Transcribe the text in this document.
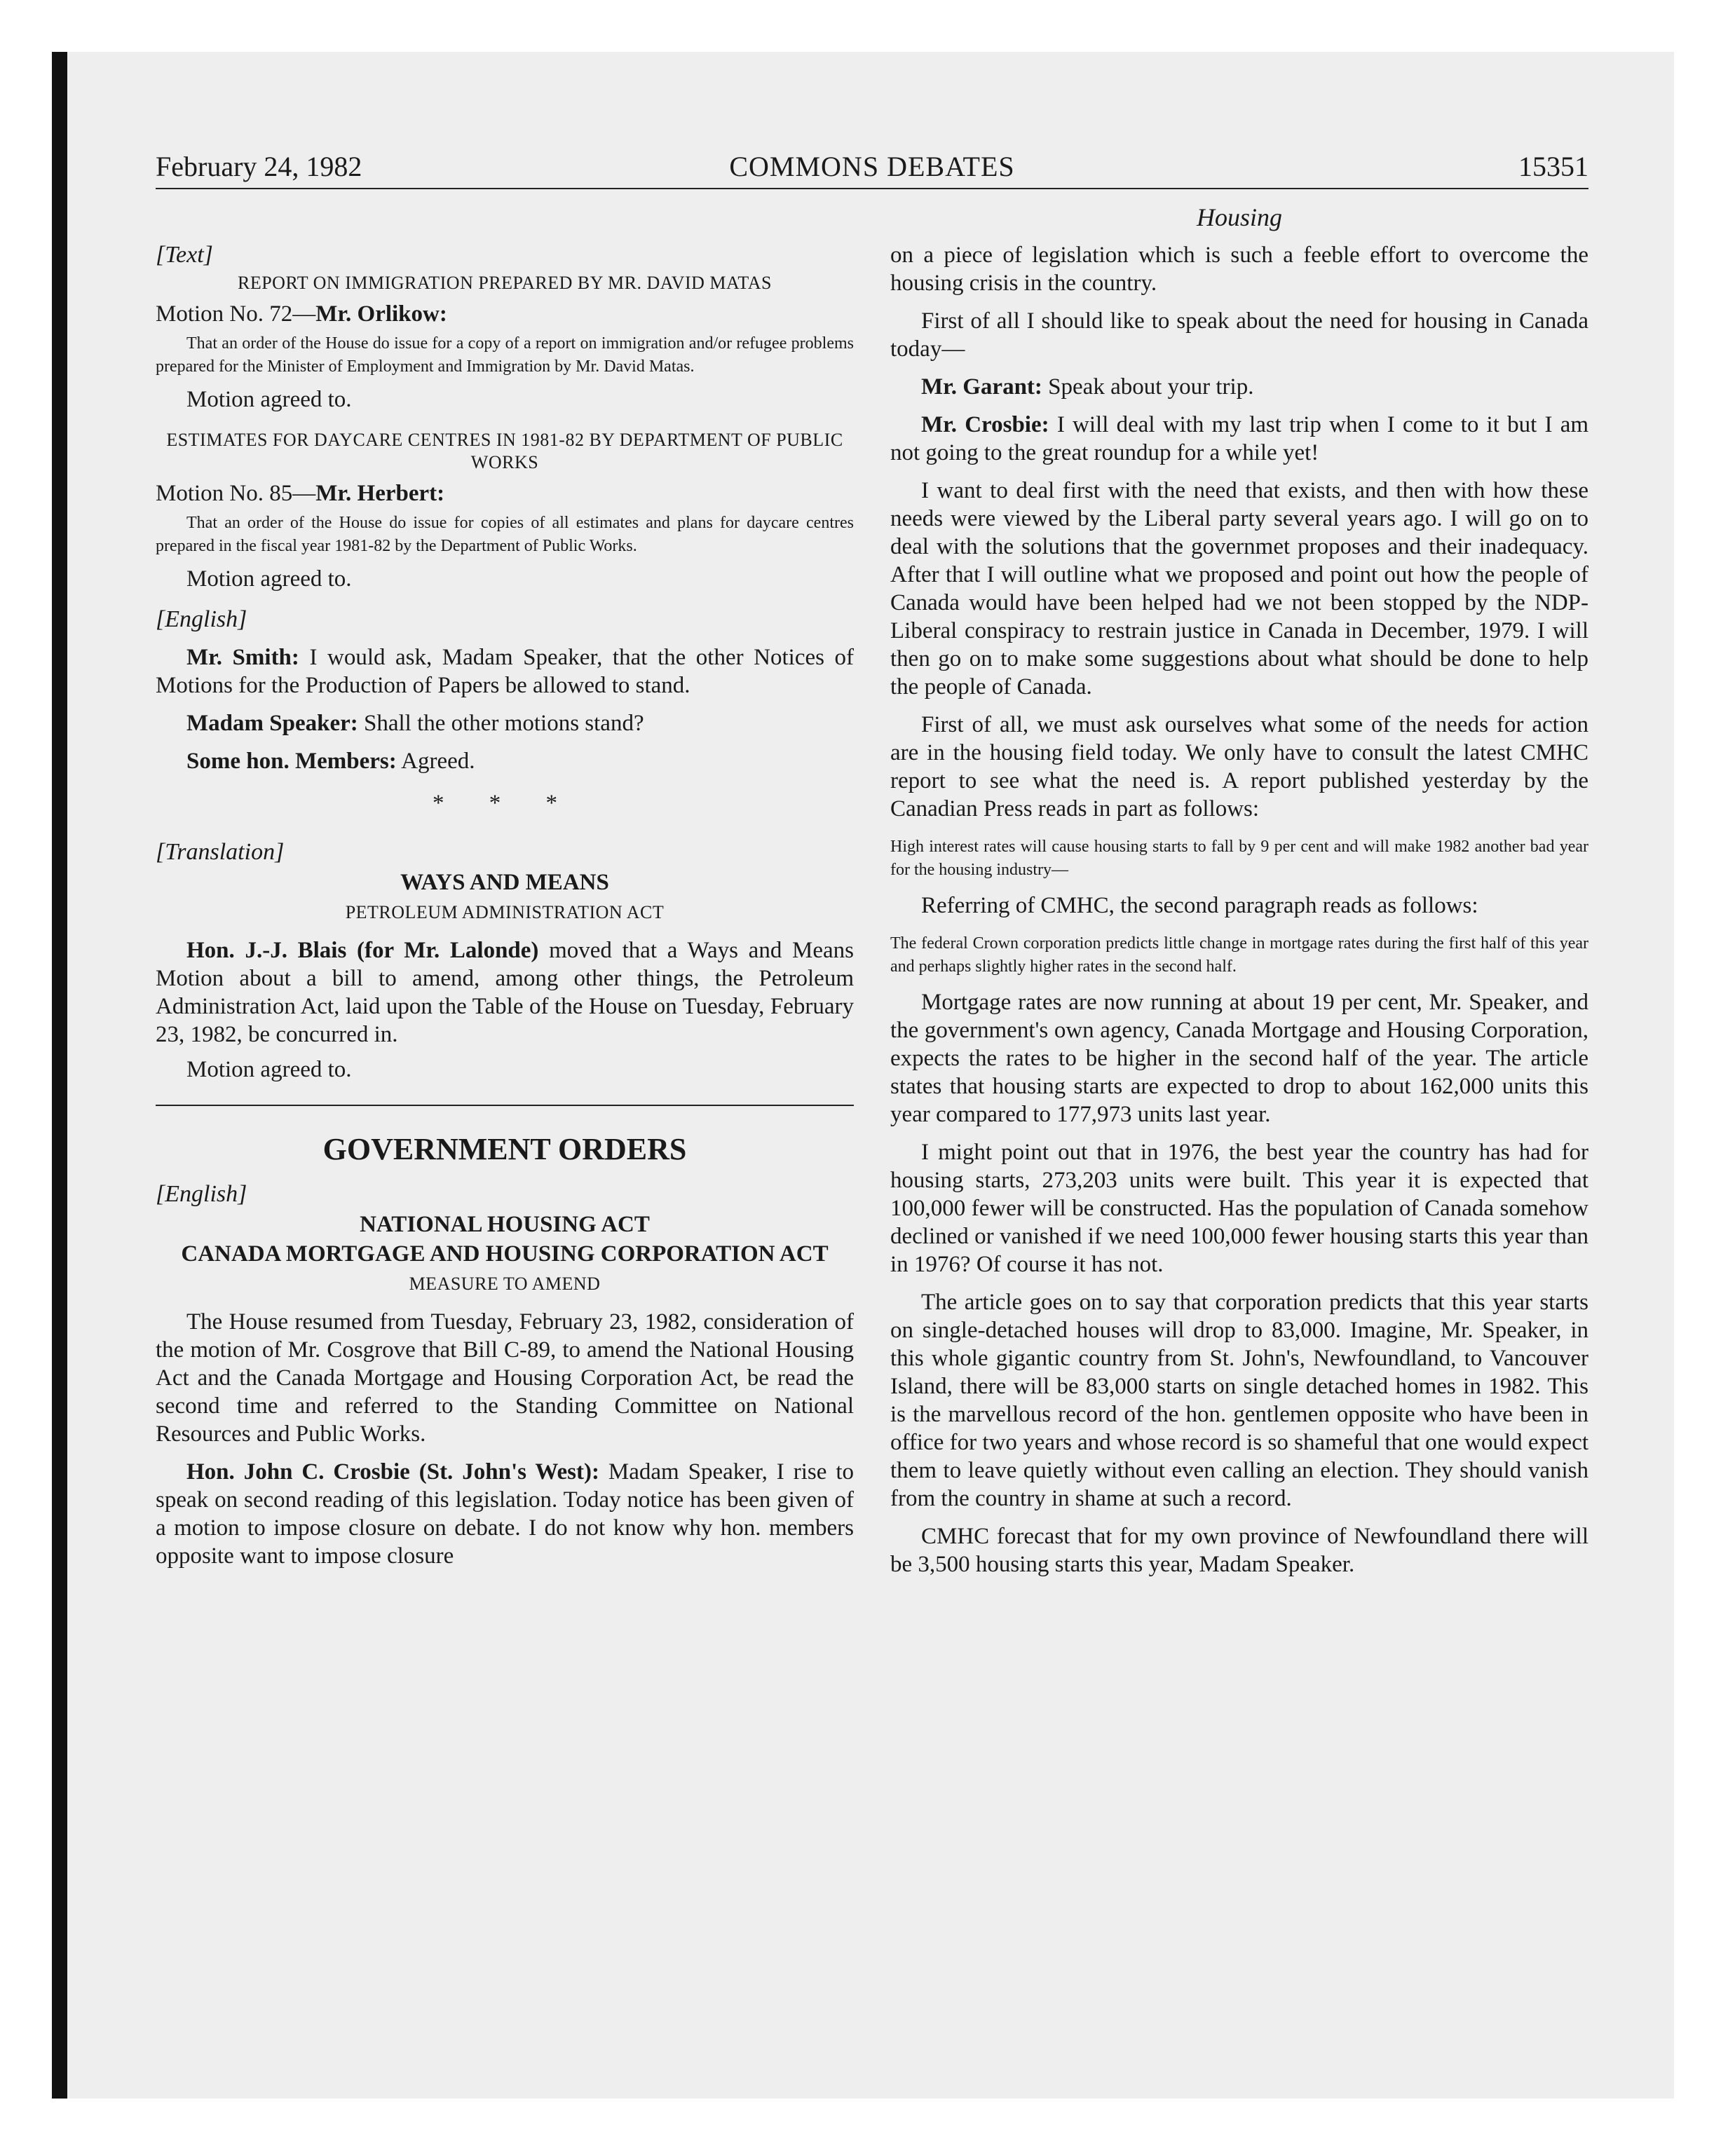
February 24, 1982	COMMONS DEBATES	15351
Housing

[Text]

REPORT ON IMMIGRATION PREPARED BY MR. DAVID MATAS

Motion No. 72—Mr. Orlikow:

That an order of the House do issue for a copy of a report on immigration and/or refugee problems prepared for the Minister of Employment and Immigration by Mr. David Matas.

Motion agreed to.

ESTIMATES FOR DAYCARE CENTRES IN 1981-82 BY DEPARTMENT OF PUBLIC WORKS

Motion No. 85—Mr. Herbert:

That an order of the House do issue for copies of all estimates and plans for daycare centres prepared in the fiscal year 1981-82 by the Department of Public Works.

Motion agreed to.

[English]

Mr. Smith: I would ask, Madam Speaker, that the other Notices of Motions for the Production of Papers be allowed to stand.

Madam Speaker: Shall the other motions stand?

Some hon. Members: Agreed.

* * *

[Translation]

WAYS AND MEANS

PETROLEUM ADMINISTRATION ACT

Hon. J.-J. Blais (for Mr. Lalonde) moved that a Ways and Means Motion about a bill to amend, among other things, the Petroleum Administration Act, laid upon the Table of the House on Tuesday, February 23, 1982, be concurred in.

Motion agreed to.

GOVERNMENT ORDERS

[English]

NATIONAL HOUSING ACT

CANADA MORTGAGE AND HOUSING CORPORATION ACT

MEASURE TO AMEND

The House resumed from Tuesday, February 23, 1982, consideration of the motion of Mr. Cosgrove that Bill C-89, to amend the National Housing Act and the Canada Mortgage and Housing Corporation Act, be read the second time and referred to the Standing Committee on National Resources and Public Works.

Hon. John C. Crosbie (St. John's West): Madam Speaker, I rise to speak on second reading of this legislation. Today notice has been given of a motion to impose closure on debate. I do not know why hon. members opposite want to impose closure

on a piece of legislation which is such a feeble effort to overcome the housing crisis in the country.

First of all I should like to speak about the need for housing in Canada today—

Mr. Garant: Speak about your trip.

Mr. Crosbie: I will deal with my last trip when I come to it but I am not going to the great roundup for a while yet!

I want to deal first with the need that exists, and then with how these needs were viewed by the Liberal party several years ago. I will go on to deal with the solutions that the governmet proposes and their inadequacy. After that I will outline what we proposed and point out how the people of Canada would have been helped had we not been stopped by the NDP-Liberal conspiracy to restrain justice in Canada in December, 1979. I will then go on to make some suggestions about what should be done to help the people of Canada.

First of all, we must ask ourselves what some of the needs for action are in the housing field today. We only have to consult the latest CMHC report to see what the need is. A report published yesterday by the Canadian Press reads in part as follows:

High interest rates will cause housing starts to fall by 9 per cent and will make 1982 another bad year for the housing industry—

Referring of CMHC, the second paragraph reads as follows:

The federal Crown corporation predicts little change in mortgage rates during the first half of this year and perhaps slightly higher rates in the second half.

Mortgage rates are now running at about 19 per cent, Mr. Speaker, and the government's own agency, Canada Mortgage and Housing Corporation, expects the rates to be higher in the second half of the year. The article states that housing starts are expected to drop to about 162,000 units this year compared to 177,973 units last year.

I might point out that in 1976, the best year the country has had for housing starts, 273,203 units were built. This year it is expected that 100,000 fewer will be constructed. Has the population of Canada somehow declined or vanished if we need 100,000 fewer housing starts this year than in 1976? Of course it has not.

The article goes on to say that corporation predicts that this year starts on single-detached houses will drop to 83,000. Imagine, Mr. Speaker, in this whole gigantic country from St. John's, Newfoundland, to Vancouver Island, there will be 83,000 starts on single detached homes in 1982. This is the marvellous record of the hon. gentlemen opposite who have been in office for two years and whose record is so shameful that one would expect them to leave quietly without even calling an election. They should vanish from the country in shame at such a record.

CMHC forecast that for my own province of Newfoundland there will be 3,500 housing starts this year, Madam Speaker.
